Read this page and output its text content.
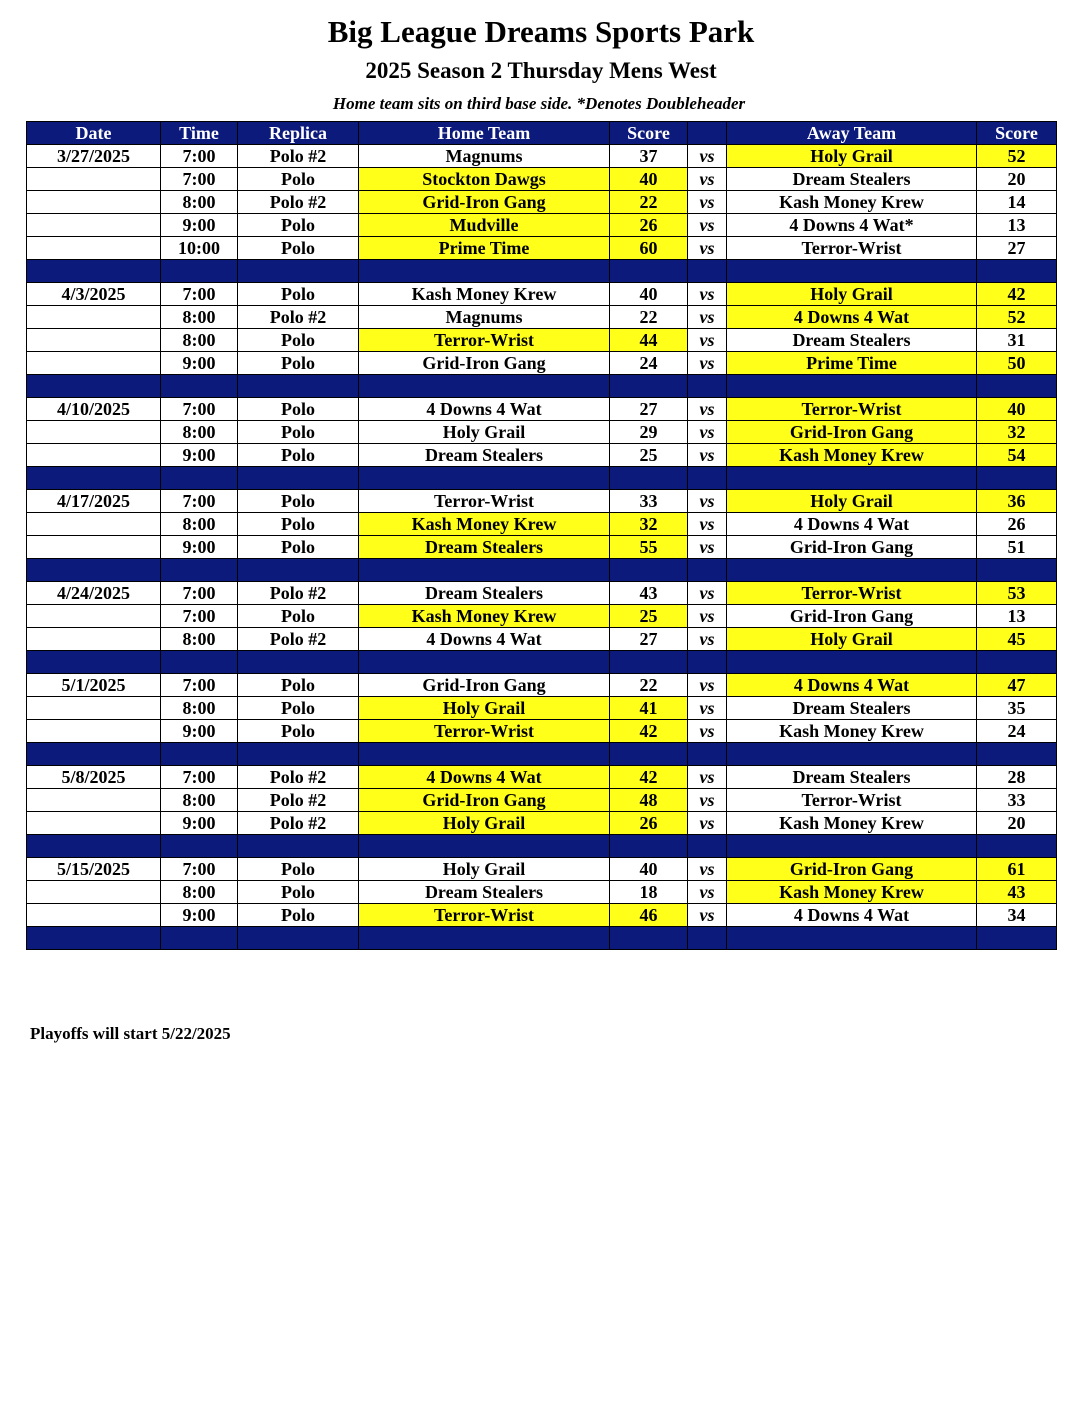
Big League Dreams Sports Park
2025 Season 2 Thursday Mens West
Home team sits on third base side. *Denotes Doubleheader
Date	Time	Replica	Home Team	Score		Away Team	Score
3/27/2025	7:00	Polo #2	Magnums	37	vs	Holy Grail	52
	7:00	Polo	Stockton Dawgs	40	vs	Dream Stealers	20
	8:00	Polo #2	Grid-Iron Gang	22	vs	Kash Money Krew	14
	9:00	Polo	Mudville	26	vs	4 Downs 4 Wat*	13
	10:00	Polo	Prime Time	60	vs	Terror-Wrist	27

4/3/2025	7:00	Polo	Kash Money Krew	40	vs	Holy Grail	42
	8:00	Polo #2	Magnums	22	vs	4 Downs 4 Wat	52
	8:00	Polo	Terror-Wrist	44	vs	Dream Stealers	31
	9:00	Polo	Grid-Iron Gang	24	vs	Prime Time	50

4/10/2025	7:00	Polo	4 Downs 4 Wat	27	vs	Terror-Wrist	40
	8:00	Polo	Holy Grail	29	vs	Grid-Iron Gang	32
	9:00	Polo	Dream Stealers	25	vs	Kash Money Krew	54

4/17/2025	7:00	Polo	Terror-Wrist	33	vs	Holy Grail	36
	8:00	Polo	Kash Money Krew	32	vs	4 Downs 4 Wat	26
	9:00	Polo	Dream Stealers	55	vs	Grid-Iron Gang	51

4/24/2025	7:00	Polo #2	Dream Stealers	43	vs	Terror-Wrist	53
	7:00	Polo	Kash Money Krew	25	vs	Grid-Iron Gang	13
	8:00	Polo #2	4 Downs 4 Wat	27	vs	Holy Grail	45

5/1/2025	7:00	Polo	Grid-Iron Gang	22	vs	4 Downs 4 Wat	47
	8:00	Polo	Holy Grail	41	vs	Dream Stealers	35
	9:00	Polo	Terror-Wrist	42	vs	Kash Money Krew	24

5/8/2025	7:00	Polo #2	4 Downs 4 Wat	42	vs	Dream Stealers	28
	8:00	Polo #2	Grid-Iron Gang	48	vs	Terror-Wrist	33
	9:00	Polo #2	Holy Grail	26	vs	Kash Money Krew	20

5/15/2025	7:00	Polo	Holy Grail	40	vs	Grid-Iron Gang	61
	8:00	Polo	Dream Stealers	18	vs	Kash Money Krew	43
	9:00	Polo	Terror-Wrist	46	vs	4 Downs 4 Wat	34

Playoffs will start 5/22/2025
